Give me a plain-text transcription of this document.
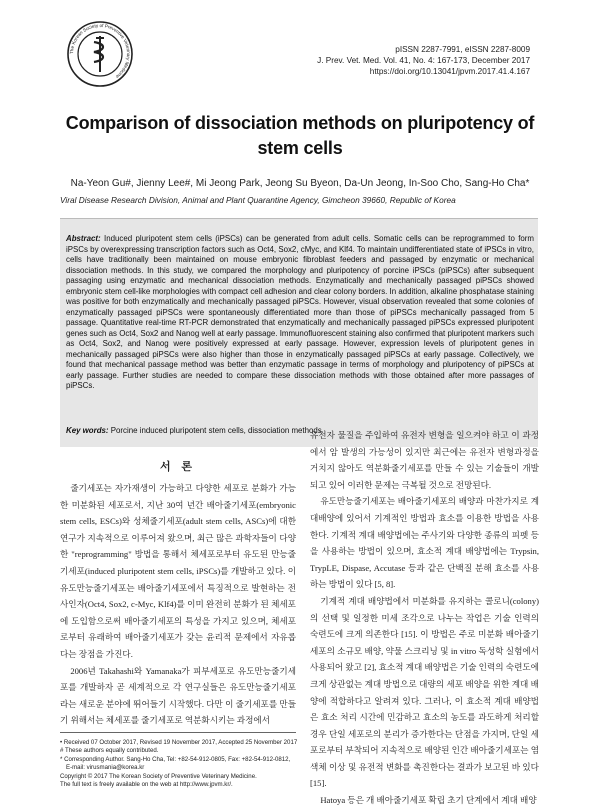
The Korean Society of Preventive Veterinary Medicine
pISSN 2287-7991, eISSN 2287-8009
J. Prev. Vet. Med. Vol. 41, No. 4: 167-173, December 2017
https://doi.org/10.13041/jpvm.2017.41.4.167
Comparison of dissociation methods on pluripotency of
stem cells
Na-Yeon Gu#, Jienny Lee#, Mi Jeong Park, Jeong Su Byeon, Da-Un Jeong, In-Soo Cho, Sang-Ho Cha*
Viral Disease Research Division, Animal and Plant Quarantine Agency, Gimcheon 39660, Republic of Korea
Abstract: Induced pluripotent stem cells (iPSCs) can be generated from adult cells. Somatic cells can be reprogrammed to form iPSCs by overexpressing transcription factors such as Oct4, Sox2, cMyc, and Klf4. To maintain undifferentiated state of iPSCs in vitro, cells have traditionally been maintained on mouse embryonic fibroblast feeders and passaged by enzymatic or mechanical dissociation methods. In this study, we compared the morphology and pluripotency of porcine iPSCs (piPSCs) after subsequent passaging using enzymatic and mechanical dissociation methods. Enzymatically and mechanically passaged piPSCs showed embryonic stem cell-like morphologies with compact cell adhesion and clear colony borders. In addition, alkaline phosphatase staining was positive for both enzymatically and mechanically passaged piPSCs. However, visual observation revealed that some colonies of enzymatically passaged piPSCs were spontaneously differentiated more than those of piPSCs mechanically passaged from 5 passage. Quantitative real-time RT-PCR demonstrated that enzymatically and mechanically passaged piPSCs expressed pluripotent genes such as Oct4, Sox2 and Nanog well at early passage. Immunofluorescent staining also confirmed that pluripotent markers such as Oct4, Sox2, and Nanog were positively expressed at early passage. However, expression levels of pluripotent genes in mechanically passaged piPSCs were also higher than those in enzymatically passaged piPSCs at early passage. Collectively, we found that mechanical passage method was better than enzymatic passage in terms of morphology and pluripotency of piPSCs at early passage. Further studies are needed to compare these dissociation methods with those obtained after more passages of piPSCs.
Key words: Porcine induced pluripotent stem cells, dissociation methods
서 론

줄기세포는 자가재생이 가능하고 다양한 세포로 분화가 가능한 미분화된 세포로서, 지난 30여 년간 배아줄기세포(embryonic stem cells, ESCs)와 성체줄기세포(adult stem cells, ASCs)에 대한 연구가 지속적으로 이루어져 왔으며, 최근 많은 과학자들이 다양한 "reprogramming" 방법을 통해서 체세포로부터 유도된 만능줄기세포(induced pluripotent stem cells, iPSCs)를 개발하고 있다. 이 유도만능줄기세포는 배아줄기세포에서 특징적으로 발현하는 전사인자(Oct4, Sox2, c-Myc, Klf4)를 이미 완전히 분화가 된 체세포에 도입함으로써 배아줄기세포의 특성을 가지고 있으며, 체세포로부터 유래하여 배아줄기세포가 갖는 윤리적 문제에서 자유롭다는 장점을 가진다.

2006년 Takahashi와 Yamanaka가 피부세포로 유도만능줄기세포를 개발하자 곧 세계적으로 각 연구실들은 유도만능줄기세포라는 새로운 분야에 뛰어들기 시작했다. 다만 이 줄기세포를 만들기 위해서는 체세포를 줄기세포로 역분화시키는 과정에서

유전자 물질을 주입하여 유전자 변형을 일으켜야 하고 이 과정에서 암 발생의 가능성이 있지만 최근에는 유전자 변형과정을 거치지 않아도 역분화줄기세포를 만들 수 있는 기술들이 개발되고 있어 이러한 문제는 극복될 것으로 전망된다.

유도만능줄기세포는 배아줄기세포의 배양과 마찬가지로 계대배양에 있어서 기계적인 방법과 효소를 이용한 방법을 사용한다. 기계적 계대 배양법에는 주사기와 다양한 종류의 피펫 등을 사용하는 방법이 있으며, 효소적 계대 배양법에는 Trypsin, TrypLE, Dispase, Accutase 등과 같은 단백질 분해 효소를 사용하는 방법이 있다 [5, 8].

기계적 계대 배양법에서 미분화를 유지하는 콜로니(colony)의 선택 및 일정한 미세 조각으로 나누는 작업은 기술 인력의 숙련도에 크게 의존한다 [15]. 이 방법은 주로 미분화 배아줄기세포의 소규모 배양, 약물 스크리닝 및 in vitro 독성학 실험에서 사용되어 왔고 [2], 효소적 계대 배양법은 기술 인력의 숙련도에 크게 상관없는 계대 방법으로 대량의 세포 배양을 위한 계대 배양에 적합하다고 알려져 있다. 그러나, 이 효소적 계대 배양법은 효소 처리 시간에 민감하고 효소의 농도를 과도하게 처리할 경우 단일 세포로의 분리가 증가한다는 단점을 가지며, 단일 세포로부터 부착되어 지속적으로 배양된 인간 배아줄기세포는 염색체 이상 및 유전적 변화를 촉진한다는 결과가 보고된 바 있다 [15].

Hatoya 등은 개 배아줄기세포 확립 초기 단계에서 계대 배양

• Received 07 October 2017, Revised 19 November 2017, Accepted 25 November 2017
# These authors equally contributed.
* Corresponding Author. Sang-Ho Cha, Tel: +82-54-912-0805, Fax: +82-54-912-0812,
E-mail: virusmania@korea.kr
Copyright © 2017 The Korean Society of Preventive Veterinary Medicine.
The full text is freely available on the web at http://www.jpvm.kr/.
